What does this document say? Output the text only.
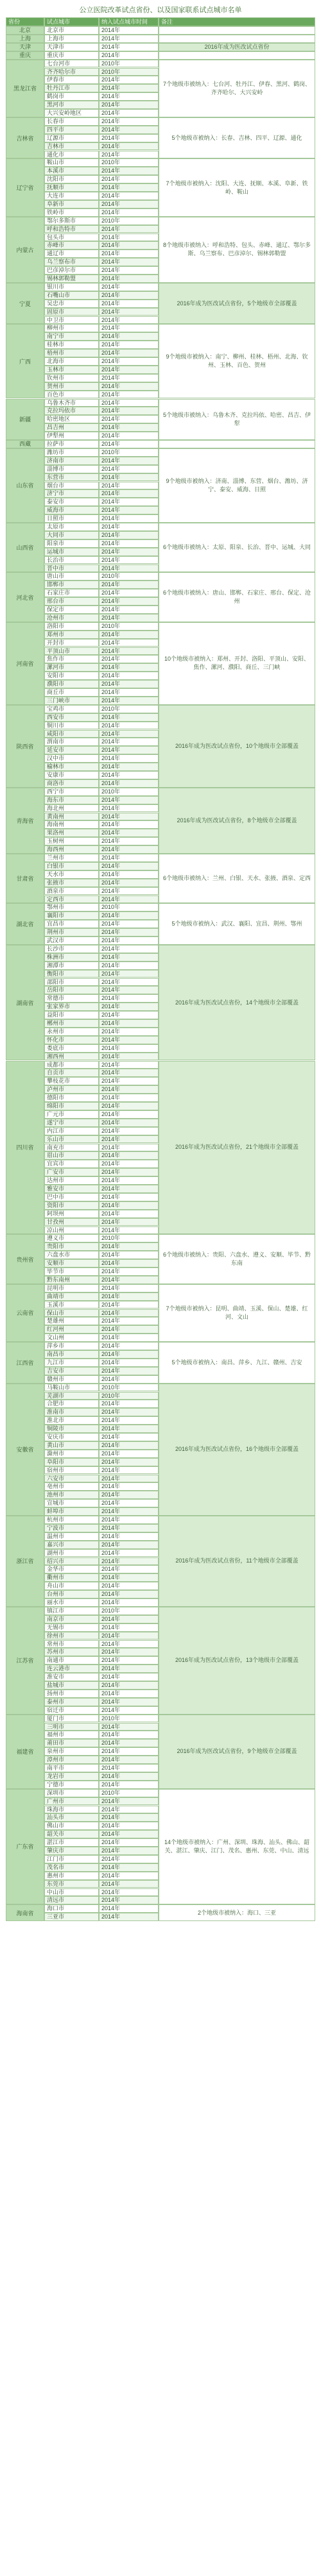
公立医院改革试点省份、以及国家联系试点城市名单
省份	试点城市	纳入试点城市时间	备注
北京	北京市	2014年
上海	上海市	2014年
天津	天津市	2014年	2016年成为医改试点省份
重庆	重庆市	2014年
黑龙江省
七台河市	2010年
齐齐哈尔市	2010年
伊春市	2014年
牡丹江市	2014年
鹤岗市	2014年
黑河市	2014年
大兴安岭地区	2014年
7个地级市被纳入：七台河、牡丹江、伊春、黑河、鹤岗、齐齐哈尔、大兴安岭
吉林省
长春市	2014年
四平市	2014年
辽源市	2014年
吉林市	2014年
通化市	2014年
5个地级市被纳入：长春、吉林、四平、辽源、通化
辽宁省
鞍山市	2010年
本溪市	2014年
沈阳市	2014年
抚顺市	2014年
大连市	2014年
阜新市	2014年
铁岭市	2014年
7个地级市被纳入：沈阳、大连、抚顺、本溪、阜新、铁岭、鞍山
内蒙古
鄂尔多斯市	2010年
呼和浩特市	2014年
包头市	2014年
赤峰市	2014年
通辽市	2014年
乌兰察布市	2014年
巴彦淖尔市	2014年
锡林郭勒盟	2014年
8个地级市被纳入：呼和浩特、包头、赤峰、通辽、鄂尔多斯、乌兰察布、巴彦淖尔、锡林郭勒盟
宁夏
银川市	2014年
石嘴山市	2014年
吴忠市	2014年
固原市	2014年
中卫市	2014年
2016年成为医改试点省份，5个地级市全部覆盖
广西
柳州市	2014年
南宁市	2014年
桂林市	2014年
梧州市	2014年
北海市	2014年
玉林市	2014年
钦州市	2014年
贺州市	2014年
百色市	2014年
9个地级市被纳入：南宁、柳州、桂林、梧州、北海、钦州、玉林、百色、贺州
新疆
乌鲁木齐市	2014年
克拉玛依市	2014年
哈密地区	2014年
昌吉州	2014年
伊犁州	2014年
5个地级市被纳入：乌鲁木齐、克拉玛依、哈密、昌吉、伊犁
西藏	拉萨市	2014年
山东省
潍坊市	2010年
济南市	2014年
淄博市	2014年
东营市	2014年
烟台市	2014年
济宁市	2014年
泰安市	2014年
威海市	2014年
日照市	2014年
9个地级市被纳入：济南、淄博、东营、烟台、潍坊、济宁、泰安、威海、日照
山西省
太原市	2014年
大同市	2014年
阳泉市	2014年
运城市	2014年
长治市	2014年
晋中市	2014年
6个地级市被纳入：太原、阳泉、长治、晋中、运城、大同
河北省
唐山市	2010年
邯郸市	2014年
石家庄市	2014年
邢台市	2014年
保定市	2014年
沧州市	2014年
6个地级市被纳入：唐山、邯郸、石家庄、邢台、保定、沧州
河南省
洛阳市	2010年
郑州市	2014年
开封市	2014年
平顶山市	2014年
焦作市	2014年
漯河市	2014年
安阳市	2014年
濮阳市	2014年
商丘市	2014年
三门峡市	2014年
10个地级市被纳入：郑州、开封、洛阳、平顶山、安阳、焦作、漯河、濮阳、商丘、三门峡
陕西省
宝鸡市	2010年
西安市	2014年
铜川市	2014年
咸阳市	2014年
渭南市	2014年
延安市	2014年
汉中市	2014年
榆林市	2014年
安康市	2014年
商洛市	2014年
2016年成为医改试点省份，10个地级市全部覆盖
青海省
西宁市	2010年
海东市	2014年
海北州	2014年
黄南州	2014年
海南州	2014年
果洛州	2014年
玉树州	2014年
海西州	2014年
2016年成为医改试点省份，8个地级市全部覆盖
甘肃省
兰州市	2014年
白银市	2014年
天水市	2014年
张掖市	2014年
酒泉市	2014年
定西市	2014年
6个地级市被纳入：兰州、白银、天水、张掖、酒泉、定西
湖北省
鄂州市	2010年
襄阳市	2014年
宜昌市	2014年
荆州市	2014年
武汉市	2014年
5个地级市被纳入：武汉、襄阳、宜昌、荆州、鄂州
湖南省
长沙市	2014年
株洲市	2014年
湘潭市	2014年
衡阳市	2014年
邵阳市	2014年
岳阳市	2014年
常德市	2014年
张家界市	2014年
益阳市	2014年
郴州市	2014年
永州市	2014年
怀化市	2014年
娄底市	2014年
湘西州	2014年
2016年成为医改试点省份，14个地级市全部覆盖
四川省
成都市	2014年
自贡市	2014年
攀枝花市	2014年
泸州市	2014年
德阳市	2014年
绵阳市	2014年
广元市	2014年
遂宁市	2014年
内江市	2014年
乐山市	2014年
南充市	2014年
眉山市	2014年
宜宾市	2014年
广安市	2014年
达州市	2014年
雅安市	2014年
巴中市	2014年
资阳市	2014年
阿坝州	2014年
甘孜州	2014年
凉山州	2014年
2016年成为医改试点省份，21个地级市全部覆盖
贵州省
遵义市	2010年
贵阳市	2014年
六盘水市	2014年
安顺市	2014年
毕节市	2014年
黔东南州	2014年
6个地级市被纳入：贵阳、六盘水、遵义、安顺、毕节、黔东南
云南省
昆明市	2014年
曲靖市	2014年
玉溪市	2014年
保山市	2014年
楚雄州	2014年
红河州	2014年
文山州	2014年
7个地级市被纳入：昆明、曲靖、玉溪、保山、楚雄、红河、文山
江西省
萍乡市	2014年
南昌市	2014年
九江市	2014年
吉安市	2014年
赣州市	2014年
5个地级市被纳入：南昌、萍乡、九江、赣州、吉安
安徽省
马鞍山市	2010年
芜湖市	2010年
合肥市	2014年
淮南市	2014年
淮北市	2014年
铜陵市	2014年
安庆市	2014年
黄山市	2014年
滁州市	2014年
阜阳市	2014年
宿州市	2014年
六安市	2014年
亳州市	2014年
池州市	2014年
宣城市	2014年
蚌埠市	2014年
2016年成为医改试点省份，16个地级市全部覆盖
浙江省
杭州市	2014年
宁波市	2014年
温州市	2014年
嘉兴市	2014年
湖州市	2014年
绍兴市	2014年
金华市	2014年
衢州市	2014年
舟山市	2014年
台州市	2014年
丽水市	2014年
2016年成为医改试点省份，11个地级市全部覆盖
江苏省
镇江市	2010年
南京市	2014年
无锡市	2014年
徐州市	2014年
常州市	2014年
苏州市	2014年
南通市	2014年
连云港市	2014年
淮安市	2014年
盐城市	2014年
扬州市	2014年
泰州市	2014年
宿迁市	2014年
2016年成为医改试点省份，13个地级市全部覆盖
福建省
厦门市	2010年
三明市	2014年
福州市	2014年
莆田市	2014年
泉州市	2014年
漳州市	2014年
南平市	2014年
龙岩市	2014年
宁德市	2014年
2016年成为医改试点省份，9个地级市全部覆盖
广东省
深圳市	2010年
广州市	2014年
珠海市	2014年
汕头市	2014年
佛山市	2014年
韶关市	2014年
湛江市	2014年
肇庆市	2014年
江门市	2014年
茂名市	2014年
惠州市	2014年
东莞市	2014年
中山市	2014年
清远市	2014年
14个地级市被纳入：广州、深圳、珠海、汕头、佛山、韶关、湛江、肇庆、江门、茂名、惠州、东莞、中山、清远
海南省
海口市	2014年
三亚市	2014年
2个地级市被纳入：海口、三亚
